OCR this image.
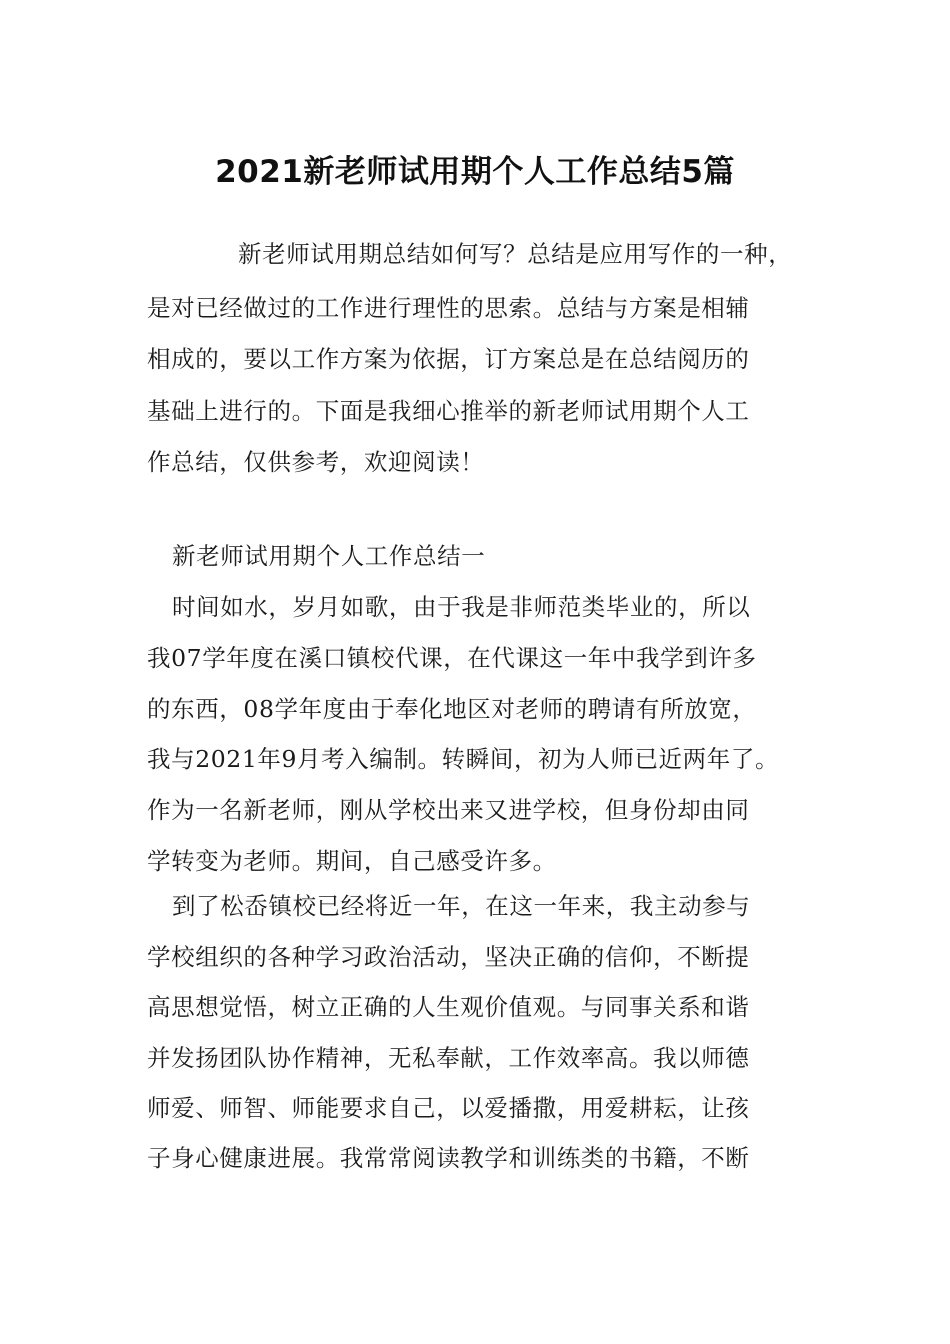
2021新老师试用期个人工作总结5篇

新老师试用期总结如何写？总结是应用写作的一种，

是对已经做过的工作进行理性的思索。总结与方案是相辅

相成的，要以工作方案为依据，订方案总是在总结阅历的

基础上进行的。下面是我细心推举的新老师试用期个人工

作总结，仅供参考，欢迎阅读！

新老师试用期个人工作总结一

时间如水，岁月如歌，由于我是非师范类毕业的，所以

我07学年度在溪口镇校代课，在代课这一年中我学到许多

的东西，08学年度由于奉化地区对老师的聘请有所放宽，

我与2021年9月考入编制。转瞬间，初为人师已近两年了。

作为一名新老师，刚从学校出来又进学校，但身份却由同

学转变为老师。期间，自己感受许多。

到了松岙镇校已经将近一年，在这一年来，我主动参与

学校组织的各种学习政治活动，坚决正确的信仰，不断提

高思想觉悟，树立正确的人生观价值观。与同事关系和谐

并发扬团队协作精神，无私奉献，工作效率高。我以师德

师爱、师智、师能要求自己，以爱播撒，用爱耕耘，让孩

子身心健康进展。我常常阅读教学和训练类的书籍，不断
